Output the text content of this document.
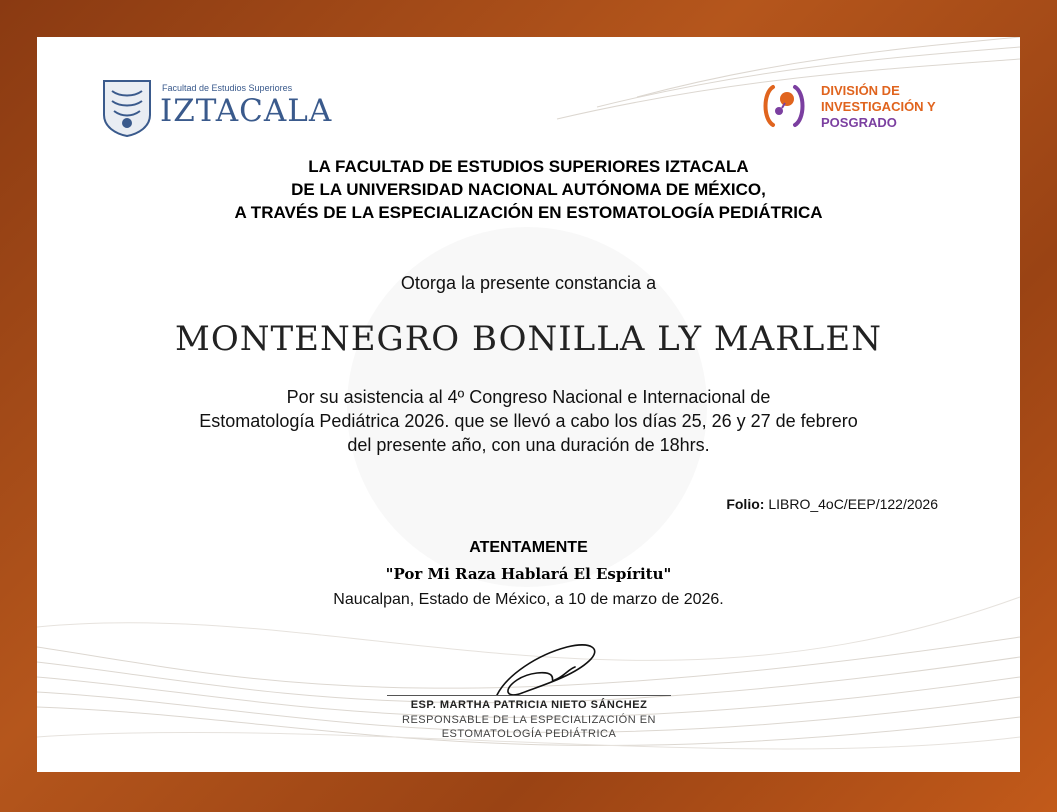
Facultad de Estudios Superiores
IZTACALA
DIVISIÓN DE
INVESTIGACIÓN Y
POSGRADO
LA FACULTAD DE ESTUDIOS SUPERIORES IZTACALA
DE LA UNIVERSIDAD NACIONAL AUTÓNOMA DE MÉXICO,
A TRAVÉS DE LA ESPECIALIZACIÓN EN ESTOMATOLOGÍA PEDIÁTRICA
Otorga la presente constancia a
MONTENEGRO BONILLA LY MARLEN
Por su asistencia al 4º Congreso Nacional e Internacional de
Estomatología Pediátrica 2026. que se llevó a cabo los días 25, 26 y 27 de febrero
del presente año, con una duración de 18hrs.
Folio: LIBRO_4oC/EEP/122/2026
ATENTAMENTE
"Por Mi Raza Hablará El Espíritu"
Naucalpan, Estado de México, a 10 de marzo de 2026.
ESP. MARTHA PATRICIA NIETO SÁNCHEZ
RESPONSABLE DE LA ESPECIALIZACIÓN EN
ESTOMATOLOGÍA PEDIÁTRICA
